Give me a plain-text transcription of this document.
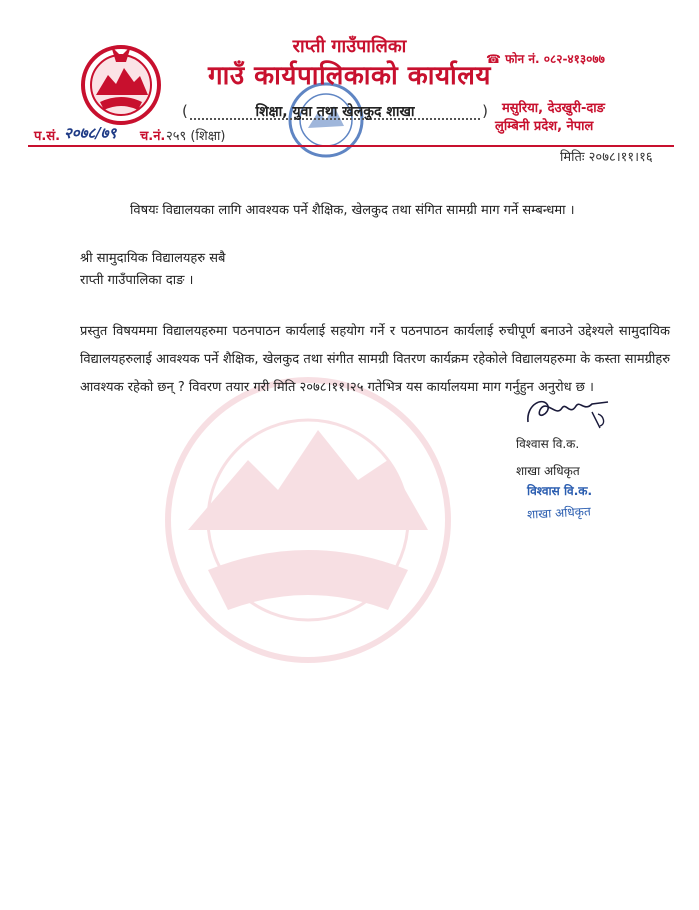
राप्ती गाउँपालिका
गाउँ कार्यपालिकाको कार्यालय
(	शिक्षा, युवा तथा खेलकुद शाखा	)
☎ फोन नं. ०८२-४१३०७७
मसुरिया, देउखुरी-दाङ
लुम्बिनी प्रदेश, नेपाल
प.सं. २०७८/७९ च.नं. २५९ (शिक्षा)
मितिः २०७८।११।१६
विषयः विद्यालयका लागि आवश्यक पर्ने शैक्षिक, खेलकुद तथा संगित सामग्री माग गर्ने सम्बन्धमा ।
श्री सामुदायिक विद्यालयहरु सबै
राप्ती गाउँपालिका दाङ ।
प्रस्तुत विषयममा विद्यालयहरुमा पठनपाठन कार्यलाई सहयोग गर्ने र पठनपाठन कार्यलाई रुचीपूर्ण बनाउने उद्देश्यले सामुदायिक विद्यालयहरुलाई आवश्यक पर्ने शैक्षिक, खेलकुद तथा संगीत सामग्री वितरण कार्यक्रम रहेकोले विद्यालयहरुमा के कस्ता सामग्रीहरु आवश्यक रहेको छन् ? विवरण तयार गरी मिति २०७८।११।२५ गतेभित्र यस कार्यालयमा माग गर्नुहुन अनुरोध छ ।
विश्वास वि.क.
शाखा अधिकृत
विश्वास वि.क.
शाखा अधिकृत
